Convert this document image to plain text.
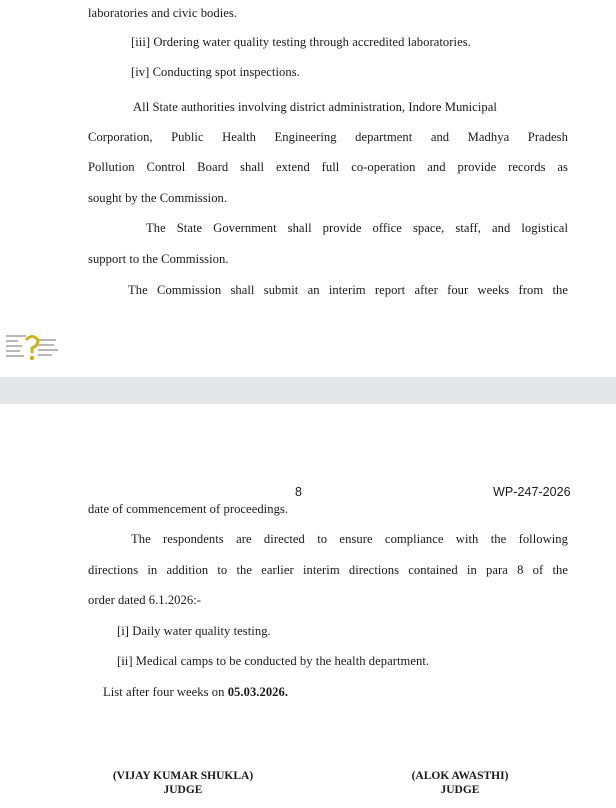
laboratories and civic bodies.
[iii] Ordering water quality testing through accredited laboratories.
[iv] Conducting spot inspections.
All State authorities involving district administration, Indore Municipal
Corporation, Public Health Engineering department and Madhya Pradesh
Pollution Control Board shall extend full co-operation and provide records as
sought by the Commission.
The State Government shall provide office space, staff, and logistical
support to the Commission.
The Commission shall submit an interim report after four weeks from the
8	WP-247-2026
date of commencement of proceedings.
The respondents are directed to ensure compliance with the following
directions in addition to the earlier interim directions contained in para 8 of the
order dated 6.1.2026:-
[i] Daily water quality testing.
[ii] Medical camps to be conducted by the health department.
List after four weeks on 05.03.2026.
(VIJAY KUMAR SHUKLA)
JUDGE
(ALOK AWASTHI)
JUDGE
